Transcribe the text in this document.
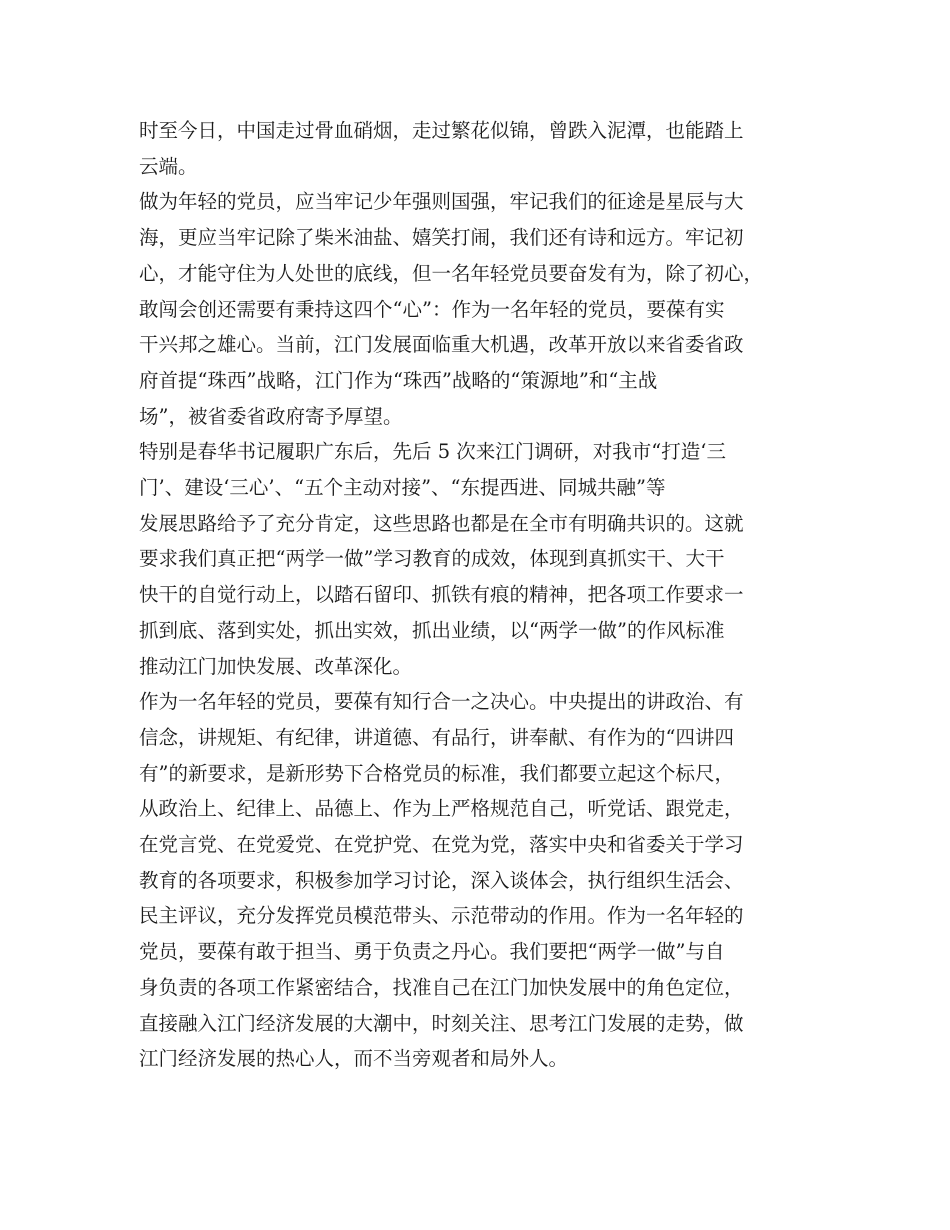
时至今日，中国走过骨血硝烟，走过繁花似锦，曾跌入泥潭，也能踏上
云端。

做为年轻的党员，应当牢记少年强则国强，牢记我们的征途是星辰与大
海，更应当牢记除了柴米油盐、嬉笑打闹，我们还有诗和远方。牢记初
心，才能守住为人处世的底线，但一名年轻党员要奋发有为，除了初心，
敢闯会创还需要有秉持这四个“心”：作为一名年轻的党员，要葆有实
干兴邦之雄心。当前，江门发展面临重大机遇，改革开放以来省委省政
府首提“珠西”战略，江门作为“珠西”战略的“策源地”和“主战
场”，被省委省政府寄予厚望。

特别是春华书记履职广东后，先后 5 次来江门调研，对我市“打造‘三
门’、建设‘三心’、“五个主动对接”、“东提西进、同城共融”等
发展思路给予了充分肯定，这些思路也都是在全市有明确共识的。这就
要求我们真正把“两学一做”学习教育的成效，体现到真抓实干、大干
快干的自觉行动上，以踏石留印、抓铁有痕的精神，把各项工作要求一
抓到底、落到实处，抓出实效，抓出业绩，以“两学一做”的作风标准
推动江门加快发展、改革深化。

作为一名年轻的党员，要葆有知行合一之决心。中央提出的讲政治、有
信念，讲规矩、有纪律，讲道德、有品行，讲奉献、有作为的“四讲四
有”的新要求，是新形势下合格党员的标准，我们都要立起这个标尺，
从政治上、纪律上、品德上、作为上严格规范自己，听党话、跟党走，
在党言党、在党爱党、在党护党、在党为党，落实中央和省委关于学习
教育的各项要求，积极参加学习讨论，深入谈体会，执行组织生活会、
民主评议，充分发挥党员模范带头、示范带动的作用。作为一名年轻的
党员，要葆有敢于担当、勇于负责之丹心。我们要把“两学一做”与自
身负责的各项工作紧密结合，找准自己在江门加快发展中的角色定位，
直接融入江门经济发展的大潮中，时刻关注、思考江门发展的走势，做
江门经济发展的热心人，而不当旁观者和局外人。
